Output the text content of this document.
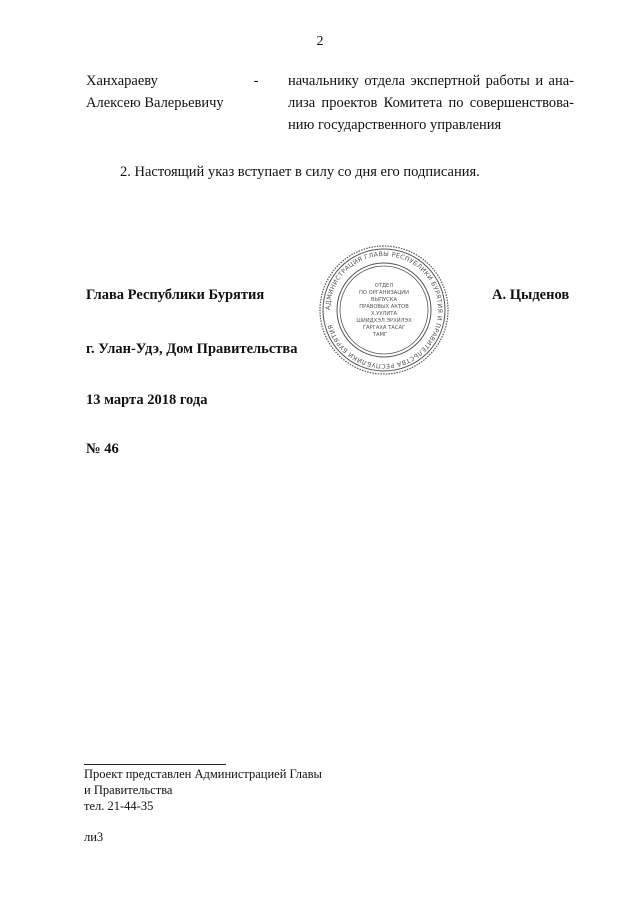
2
Ханхараеву
Алексею Валерьевичу
- начальнику отдела экспертной работы и ана-
лиза проектов Комитета по совершенствова-
нию государственного управления
2. Настоящий указ вступает в силу со дня его подписания.
Глава Республики Бурятия	А. Цыденов
АДМИНИСТРАЦИЯ ГЛАВЫ РЕСПУБЛИКИ БУРЯТИЯ И ПРАВИТЕЛЬСТВА РЕСПУБЛИКИ БУРЯТИЯ
ОТДЕЛ
ПО ОРГАНИЗАЦИИ
ВЫПУСКА
ПРАВОВЫХ АКТОВ
Х.УУЛИТА
ШИИДХЭЛ ЭРХИЛЭХ
ГАРГАХА ТАСАГ
ТАМГ
г. Улан-Удэ, Дом Правительства
13 марта 2018 года
№ 46
Проект представлен Администрацией Главы
и Правительства
тел. 21-44-35
ли3
